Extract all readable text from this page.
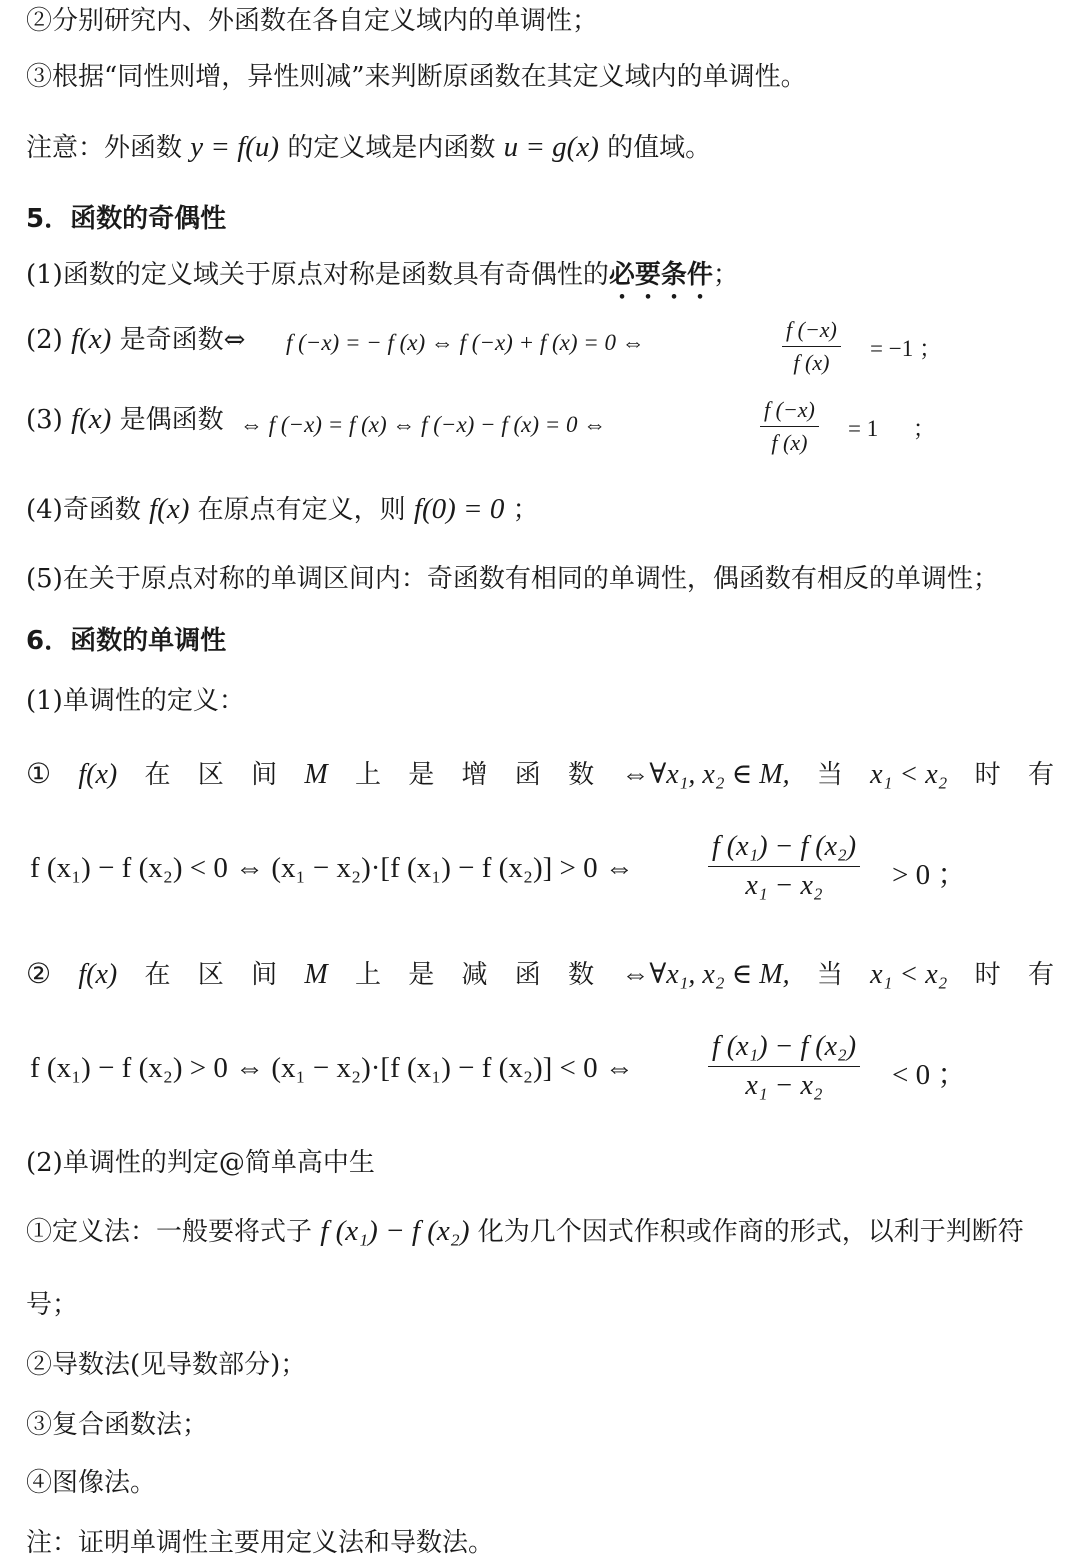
②分别研究内、外函数在各自定义域内的单调性；
③根据“同性则增，异性则减”来判断原函数在其定义域内的单调性。
注意：外函数 y = f(u) 的定义域是内函数 u = g(x) 的值域。
5．函数的奇偶性
(1)函数的定义域关于原点对称是函数具有奇偶性的必要条件；
(2) f(x) 是奇函数⇔ f (−x) = − f (x) ⇔ f (−x) + f (x) = 0 ⇔	$\frac{f (-x)}{f (x)} = -1$ ；
(3) f(x) 是偶函数 ⇔ f (−x) = f (x) ⇔ f (−x) − f (x) = 0 ⇔	$\frac{f (-x)}{f (x)} = 1$      ；
(4)奇函数 f(x) 在原点有定义，则 f(0) = 0 ；
(5)在关于原点对称的单调区间内：奇函数有相同的单调性，偶函数有相反的单调性；
6．函数的单调性
(1)单调性的定义：
① f(x) 在 区 间 M 上 是 增 函 数 ⇔∀x₁, x₂ ∈ M, 当 x₁ < x₂ 时 有
f (x₁) − f (x₂) < 0 ⇔ (x₁ − x₂)·[f (x₁) − f (x₂)] > 0 ⇔	$\frac{\text{f (x₁) − f (x₂)}}{\text{x₁ − x₂}} > 0$ ；
② f(x) 在 区 间 M 上 是 减 函 数 ⇔∀x₁, x₂ ∈ M, 当 x₁ < x₂ 时 有
f (x₁) − f (x₂) > 0 ⇔ (x₁ − x₂)·[f (x₁) − f (x₂)] < 0 ⇔	$\frac{\text{f (x₁) − f (x₂)}}{\text{x₁ − x₂}} < 0$ ；
(2)单调性的判定@简单高中生
①定义法：一般要将式子 f (x₁) − f (x₂) 化为几个因式作积或作商的形式，以利于判断符
号；
②导数法(见导数部分)；
③复合函数法；
④图像法。
注：证明单调性主要用定义法和导数法。
